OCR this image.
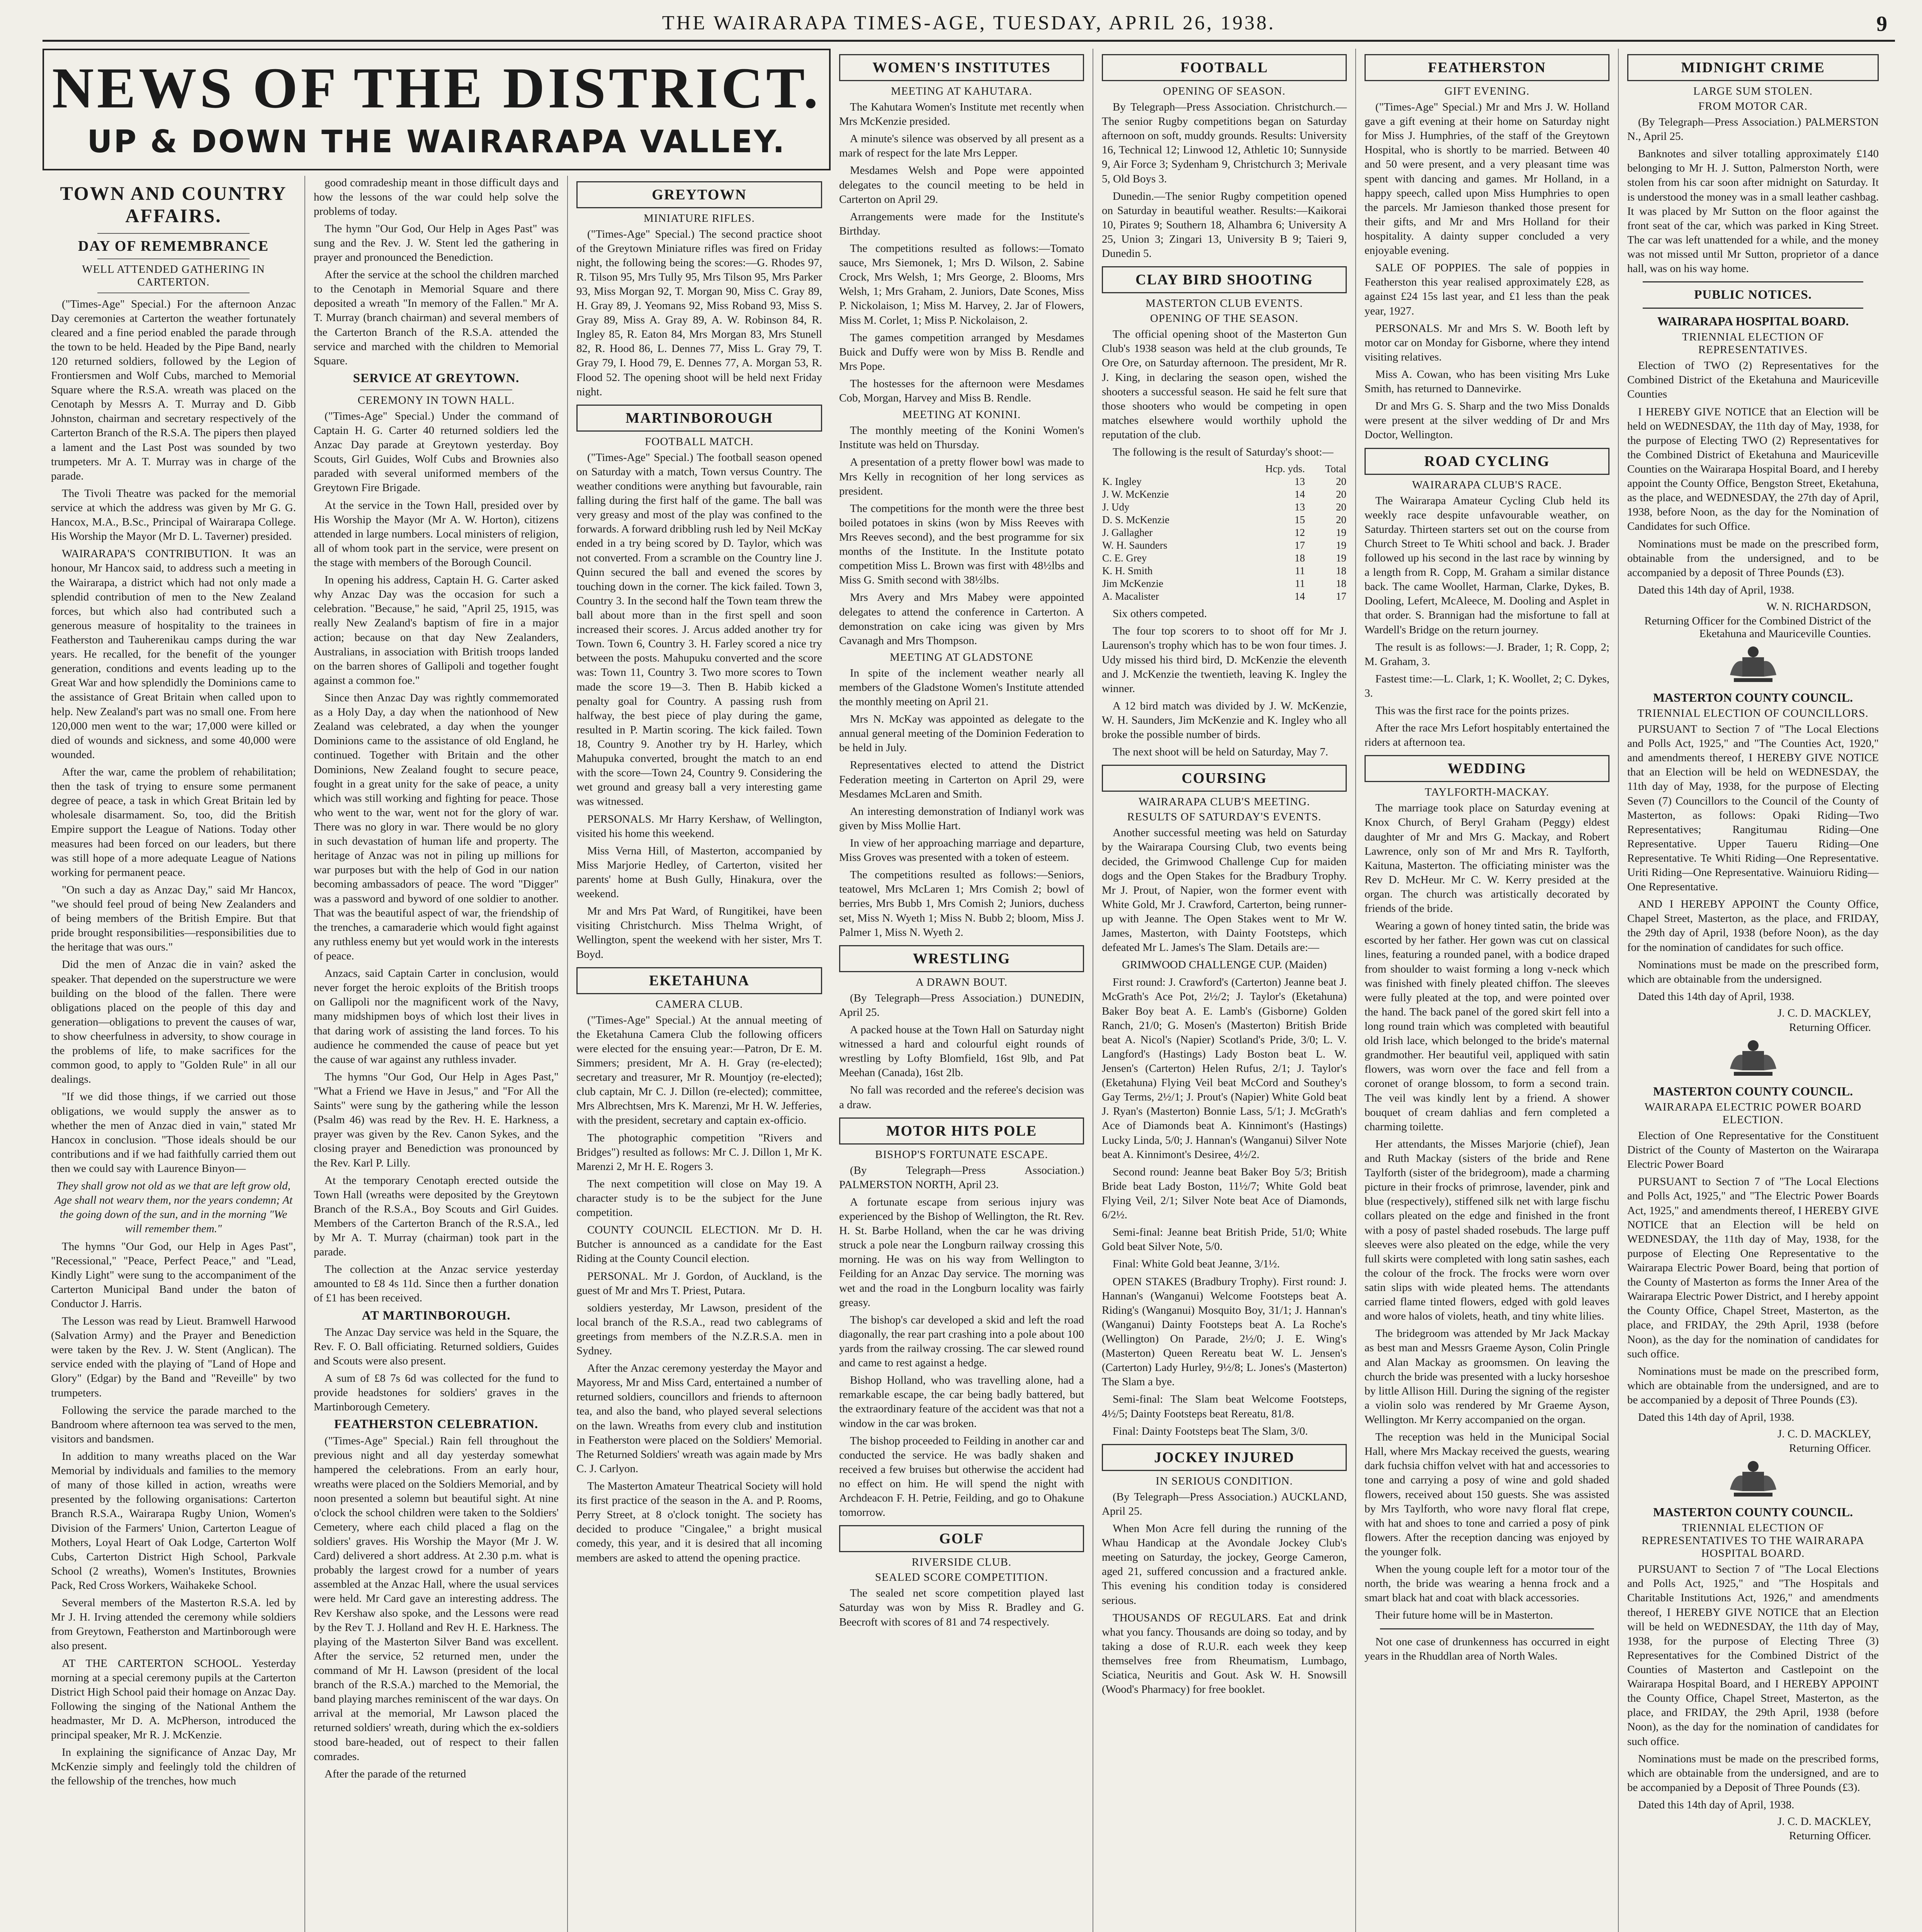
THE WAIRARAPA TIMES-AGE, TUESDAY, APRIL 26, 1938.	9
NEWS OF THE DISTRICT.
UP & DOWN THE WAIRARAPA VALLEY.
TOWN AND COUNTRY AFFAIRS.
DAY OF REMEMBRANCE
WELL ATTENDED GATHERING IN CARTERTON.

("Times-Age" Special.) For the afternoon Anzac Day ceremonies at Carterton the weather fortunately cleared and a fine period enabled the parade through the town to be held. Headed by the Pipe Band, nearly 120 returned soldiers, followed by the Legion of Frontiersmen and Wolf Cubs, marched to Memorial Square where the R.S.A. wreath was placed on the Cenotaph by Messrs A. T. Murray and D. Gibb Johnston, chairman and secretary respectively of the Carterton Branch of the R.S.A. The pipers then played a lament and the Last Post was sounded by two trumpeters. Mr A. T. Murray was in charge of the parade.

The Tivoli Theatre was packed for the memorial service at which the address was given by Mr G. G. Hancox, M.A., B.Sc., Principal of Wairarapa College. His Worship the Mayor (Mr D. L. Taverner) presided.

WAIRARAPA'S CONTRIBUTION. It was an honour, Mr Hancox said, to address such a meeting in the Wairarapa, a district which had not only made a splendid contribution of men to the New Zealand forces, but which also had contributed such a generous measure of hospitality to the trainees in Featherston and Tauherenikau camps during the war years. He recalled, for the benefit of the younger generation, conditions and events leading up to the Great War and how splendidly the Dominions came to the assistance of Great Britain when called upon to help. New Zealand's part was no small one. From here 120,000 men went to the war; 17,000 were killed or died of wounds and sickness, and some 40,000 were wounded.

After the war, came the problem of rehabilitation; then the task of trying to ensure some permanent degree of peace, a task in which Great Britain led by wholesale disarmament. So, too, did the British Empire support the League of Nations. Today other measures had been forced on our leaders, but there was still hope of a more adequate League of Nations working for permanent peace.

"On such a day as Anzac Day," said Mr Hancox, "we should feel proud of being New Zealanders and of being members of the British Empire. But that pride brought responsibilities—responsibilities due to the heritage that was ours."

Did the men of Anzac die in vain? asked the speaker. That depended on the superstructure we were building on the blood of the fallen. There were obligations placed on the people of this day and generation—obligations to prevent the causes of war, to show cheerfulness in adversity, to show courage in the problems of life, to make sacrifices for the common good, to apply to "Golden Rule" in all our dealings.

"If we did those things, if we carried out those obligations, we would supply the answer as to whether the men of Anzac died in vain," stated Mr Hancox in conclusion. "Those ideals should be our contributions and if we had faithfully carried them out then we could say with Laurence Binyon—

They shall grow not old as we that are left grow old, Age shall not wearv them, nor the years condemn; At the going down of the sun, and in the morning "We will remember them."

The hymns "Our God, our Help in Ages Past", "Recessional," "Peace, Perfect Peace," and "Lead, Kindly Light" were sung to the accompaniment of the Carterton Municipal Band under the baton of Conductor J. Harris.

The Lesson was read by Lieut. Bramwell Harwood (Salvation Army) and the Prayer and Benediction were taken by the Rev. J. W. Stent (Anglican). The service ended with the playing of "Land of Hope and Glory" (Edgar) by the Band and "Reveille" by two trumpeters.

Following the service the parade marched to the Bandroom where afternoon tea was served to the men, visitors and bandsmen.

In addition to many wreaths placed on the War Memorial by individuals and families to the memory of many of those killed in action, wreaths were presented by the following organisations: Carterton Branch R.S.A., Wairarapa Rugby Union, Women's Division of the Farmers' Union, Carterton League of Mothers, Loyal Heart of Oak Lodge, Carterton Wolf Cubs, Carterton District High School, Parkvale School (2 wreaths), Women's Institutes, Brownies Pack, Red Cross Workers, Waihakeke School.

Several members of the Masterton R.S.A. led by Mr J. H. Irving attended the ceremony while soldiers from Greytown, Featherston and Martinborough were also present.

AT THE CARTERTON SCHOOL. Yesterday morning at a special ceremony pupils at the Carterton District High School paid their homage on Anzac Day. Following the singing of the National Anthem the headmaster, Mr D. A. McPherson, introduced the principal speaker, Mr R. J. McKenzie.

In explaining the significance of Anzac Day, Mr McKenzie simply and feelingly told the children of the fellowship of the trenches, how much

good comradeship meant in those difficult days and how the lessons of the war could help solve the problems of today.

The hymn "Our God, Our Help in Ages Past" was sung and the Rev. J. W. Stent led the gathering in prayer and pronounced the Benediction.

After the service at the school the children marched to the Cenotaph in Memorial Square and there deposited a wreath "In memory of the Fallen." Mr A. T. Murray (branch chairman) and several members of the Carterton Branch of the R.S.A. attended the service and marched with the children to Memorial Square.

SERVICE AT GREYTOWN.
CEREMONY IN TOWN HALL.

("Times-Age" Special.) Under the command of Captain H. G. Carter 40 returned soldiers led the Anzac Day parade at Greytown yesterday. Boy Scouts, Girl Guides, Wolf Cubs and Brownies also paraded with several uniformed members of the Greytown Fire Brigade.

At the service in the Town Hall, presided over by His Worship the Mayor (Mr A. W. Horton), citizens attended in large numbers. Local ministers of religion, all of whom took part in the service, were present on the stage with members of the Borough Council.

In opening his address, Captain H. G. Carter asked why Anzac Day was the occasion for such a celebration. "Because," he said, "April 25, 1915, was really New Zealand's baptism of fire in a major action; because on that day New Zealanders, Australians, in association with British troops landed on the barren shores of Gallipoli and together fought against a common foe."

Since then Anzac Day was rightly commemorated as a Holy Day, a day when the nationhood of New Zealand was celebrated, a day when the younger Dominions came to the assistance of old England, he continued. Together with Britain and the other Dominions, New Zealand fought to secure peace, fought in a great unity for the sake of peace, a unity which was still working and fighting for peace. Those who went to the war, went not for the glory of war. There was no glory in war. There would be no glory in such devastation of human life and property. The heritage of Anzac was not in piling up millions for war purposes but with the help of God in our nation becoming ambassadors of peace. The word "Digger" was a password and byword of one soldier to another. That was the beautiful aspect of war, the friendship of the trenches, a camaraderie which would fight against any ruthless enemy but yet would work in the interests of peace.

Anzacs, said Captain Carter in conclusion, would never forget the heroic exploits of the British troops on Gallipoli nor the magnificent work of the Navy, many midshipmen boys of which lost their lives in that daring work of assisting the land forces. To his audience he commended the cause of peace but yet the cause of war against any ruthless invader.

The hymns "Our God, Our Help in Ages Past," "What a Friend we Have in Jesus," and "For All the Saints" were sung by the gathering while the lesson (Psalm 46) was read by the Rev. H. E. Harkness, a prayer was given by the Rev. Canon Sykes, and the closing prayer and Benediction was pronounced by the Rev. Karl P. Lilly.

At the temporary Cenotaph erected outside the Town Hall (wreaths were deposited by the Greytown Branch of the R.S.A., Boy Scouts and Girl Guides. Members of the Carterton Branch of the R.S.A., led by Mr A. T. Murray (chairman) took part in the parade.

The collection at the Anzac service yesterday amounted to £8 4s 11d. Since then a further donation of £1 has been received.

AT MARTINBOROUGH.

The Anzac Day service was held in the Square, the Rev. F. O. Ball officiating. Returned soldiers, Guides and Scouts were also present.

A sum of £8 7s 6d was collected for the fund to provide headstones for soldiers' graves in the Martinborough Cemetery.

FEATHERSTON CELEBRATION.

("Times-Age" Special.) Rain fell throughout the previous night and all day yesterday somewhat hampered the celebrations. From an early hour, wreaths were placed on the Soldiers Memorial, and by noon presented a solemn but beautiful sight. At nine o'clock the school children were taken to the Soldiers' Cemetery, where each child placed a flag on the soldiers' graves. His Worship the Mayor (Mr J. W. Card) delivered a short address. At 2.30 p.m. what is probably the largest crowd for a number of years assembled at the Anzac Hall, where the usual services were held. Mr Card gave an interesting address. The Rev Kershaw also spoke, and the Lessons were read by the Rev T. J. Holland and Rev H. E. Harkness. The playing of the Masterton Silver Band was excellent. After the service, 52 returned men, under the command of Mr H. Lawson (president of the local branch of the R.S.A.) marched to the Memorial, the band playing marches reminiscent of the war days. On arrival at the memorial, Mr Lawson placed the returned soldiers' wreath, during which the ex-soldiers stood bare-headed, out of respect to their fallen comrades.

After the parade of the returned

GREYTOWN
MINIATURE RIFLES.

("Times-Age" Special.) The second practice shoot of the Greytown Miniature rifles was fired on Friday night, the following being the scores:—G. Rhodes 97, R. Tilson 95, Mrs Tully 95, Mrs Tilson 95, Mrs Parker 93, Miss Morgan 92, T. Morgan 90, Miss C. Gray 89, H. Gray 89, J. Yeomans 92, Miss Roband 93, Miss S. Gray 89, Miss A. Gray 89, A. W. Robinson 84, R. Ingley 85, R. Eaton 84, Mrs Morgan 83, Mrs Stunell 82, R. Hood 86, L. Dennes 77, Miss L. Gray 79, T. Gray 79, I. Hood 79, E. Dennes 77, A. Morgan 53, R. Flood 52. The opening shoot will be held next Friday night.

MARTINBOROUGH
FOOTBALL MATCH.

("Times-Age" Special.) The football season opened on Saturday with a match, Town versus Country. The weather conditions were anything but favourable, rain falling during the first half of the game. The ball was very greasy and most of the play was confined to the forwards. A forward dribbling rush led by Neil McKay ended in a try being scored by D. Taylor, which was not converted. From a scramble on the Country line J. Quinn secured the ball and evened the scores by touching down in the corner. The kick failed. Town 3, Country 3. In the second half the Town team threw the ball about more than in the first spell and soon increased their scores. J. Arcus added another try for Town. Town 6, Country 3. H. Farley scored a nice try between the posts. Mahupuku converted and the score was: Town 11, Country 3. Two more scores to Town made the score 19—3. Then B. Habib kicked a penalty goal for Country. A passing rush from halfway, the best piece of play during the game, resulted in P. Martin scoring. The kick failed. Town 18, Country 9. Another try by H. Harley, which Mahupuka converted, brought the match to an end with the score—Town 24, Country 9. Considering the wet ground and greasy ball a very interesting game was witnessed.

PERSONALS. Mr Harry Kershaw, of Wellington, visited his home this weekend.

Miss Verna Hill, of Masterton, accompanied by Miss Marjorie Hedley, of Carterton, visited her parents' home at Bush Gully, Hinakura, over the weekend.

Mr and Mrs Pat Ward, of Rungitikei, have been visiting Christchurch. Miss Thelma Wright, of Wellington, spent the weekend with her sister, Mrs T. Boyd.

EKETAHUNA
CAMERA CLUB.

("Times-Age" Special.) At the annual meeting of the Eketahuna Camera Club the following officers were elected for the ensuing year:—Patron, Dr E. M. Simmers; president, Mr A. H. Gray (re-elected); secretary and treasurer, Mr R. Mountjoy (re-elected); club captain, Mr C. J. Dillon (re-elected); committee, Mrs Albrechtsen, Mrs K. Marenzi, Mr H. W. Jefferies, with the president, secretary and captain ex-officio.

The photographic competition "Rivers and Bridges") resulted as follows: Mr C. J. Dillon 1, Mr K. Marenzi 2, Mr H. E. Rogers 3.

The next competition will close on May 19. A character study is to be the subject for the June competition.

COUNTY COUNCIL ELECTION. Mr D. H. Butcher is announced as a candidate for the East Riding at the County Council election.

PERSONAL. Mr J. Gordon, of Auckland, is the guest of Mr and Mrs T. Priest, Putara.

soldiers yesterday, Mr Lawson, president of the local branch of the R.S.A., read two cablegrams of greetings from members of the N.Z.R.S.A. men in Sydney.

After the Anzac ceremony yesterday the Mayor and Mayoress, Mr and Miss Card, entertained a number of returned soldiers, councillors and friends to afternoon tea, and also the band, who played several selections on the lawn. Wreaths from every club and institution in Featherston were placed on the Soldiers' Memorial. The Returned Soldiers' wreath was again made by Mrs C. J. Carlyon.

The Masterton Amateur Theatrical Society will hold its first practice of the season in the A. and P. Rooms, Perry Street, at 8 o'clock tonight. The society has decided to produce "Cingalee," a bright musical comedy, this year, and it is desired that all incoming members are asked to attend the opening practice.

WOMEN'S INSTITUTES
MEETING AT KAHUTARA.

The Kahutara Women's Institute met recently when Mrs McKenzie presided.

A minute's silence was observed by all present as a mark of respect for the late Mrs Lepper.

Mesdames Welsh and Pope were appointed delegates to the council meeting to be held in Carterton on April 29.

Arrangements were made for the Institute's Birthday.

The competitions resulted as follows:—Tomato sauce, Mrs Siemonek, 1; Mrs D. Wilson, 2. Sabine Crock, Mrs Welsh, 1; Mrs George, 2. Blooms, Mrs Welsh, 1; Mrs Graham, 2. Juniors, Date Scones, Miss P. Nickolaison, 1; Miss M. Harvey, 2. Jar of Flowers, Miss M. Corlet, 1; Miss P. Nickolaison, 2.

The games competition arranged by Mesdames Buick and Duffy were won by Miss B. Rendle and Mrs Pope.

The hostesses for the afternoon were Mesdames Cob, Morgan, Harvey and Miss B. Rendle.

MEETING AT KONINI.

The monthly meeting of the Konini Women's Institute was held on Thursday.

A presentation of a pretty flower bowl was made to Mrs Kelly in recognition of her long services as president.

The competitions for the month were the three best boiled potatoes in skins (won by Miss Reeves with Mrs Reeves second), and the best programme for six months of the Institute. In the Institute potato competition Miss L. Brown was first with 48½lbs and Miss G. Smith second with 38½lbs.

Mrs Avery and Mrs Mabey were appointed delegates to attend the conference in Carterton. A demonstration on cake icing was given by Mrs Cavanagh and Mrs Thompson.

MEETING AT GLADSTONE

In spite of the inclement weather nearly all members of the Gladstone Women's Institute attended the monthly meeting on April 21.

Mrs N. McKay was appointed as delegate to the annual general meeting of the Dominion Federation to be held in July.

Representatives elected to attend the District Federation meeting in Carterton on April 29, were Mesdames McLaren and Smith.

An interesting demonstration of Indianyl work was given by Miss Mollie Hart.

In view of her approaching marriage and departure, Miss Groves was presented with a token of esteem.

The competitions resulted as follows:—Seniors, teatowel, Mrs McLaren 1; Mrs Comish 2; bowl of berries, Mrs Bubb 1, Mrs Comish 2; Juniors, duchess set, Miss N. Wyeth 1; Miss N. Bubb 2; bloom, Miss J. Palmer 1, Miss N. Wyeth 2.

WRESTLING
A DRAWN BOUT.

(By Telegraph—Press Association.) DUNEDIN, April 25.

A packed house at the Town Hall on Saturday night witnessed a hard and colourful eight rounds of wrestling by Lofty Blomfield, 16st 9lb, and Pat Meehan (Canada), 16st 2lb.

No fall was recorded and the referee's decision was a draw.

MOTOR HITS POLE
BISHOP'S FORTUNATE ESCAPE.

(By Telegraph—Press Association.) PALMERSTON NORTH, April 23.

A fortunate escape from serious injury was experienced by the Bishop of Wellington, the Rt. Rev. H. St. Barbe Holland, when the car he was driving struck a pole near the Longburn railway crossing this morning. He was on his way from Wellington to Feilding for an Anzac Day service. The morning was wet and the road in the Longburn locality was fairly greasy.

The bishop's car developed a skid and left the road diagonally, the rear part crashing into a pole about 100 yards from the railway crossing. The car slewed round and came to rest against a hedge.

Bishop Holland, who was travelling alone, had a remarkable escape, the car being badly battered, but the extraordinary feature of the accident was that not a window in the car was broken.

The bishop proceeded to Feilding in another car and conducted the service. He was badly shaken and received a few bruises but otherwise the accident had no effect on him. He will spend the night with Archdeacon F. H. Petrie, Feilding, and go to Ohakune tomorrow.

GOLF
RIVERSIDE CLUB.
SEALED SCORE COMPETITION.

The sealed net score competition played last Saturday was won by Miss R. Bradley and G. Beecroft with scores of 81 and 74 respectively.

FOOTBALL
OPENING OF SEASON.

By Telegraph—Press Association. Christchurch.—The senior Rugby competitions began on Saturday afternoon on soft, muddy grounds. Results: University 16, Technical 12; Linwood 12, Athletic 10; Sunnyside 9, Air Force 3; Sydenham 9, Christchurch 3; Merivale 5, Old Boys 3.

Dunedin.—The senior Rugby competition opened on Saturday in beautiful weather. Results:—Kaikorai 10, Pirates 9; Southern 18, Alhambra 6; University A 25, Union 3; Zingari 13, University B 9; Taieri 9, Dunedin 5.

CLAY BIRD SHOOTING
MASTERTON CLUB EVENTS.
OPENING OF THE SEASON.

The official opening shoot of the Masterton Gun Club's 1938 season was held at the club grounds, Te Ore Ore, on Saturday afternoon. The president, Mr R. J. King, in declaring the season open, wished the shooters a successful season. He said he felt sure that those shooters who would be competing in open matches elsewhere would worthily uphold the reputation of the club.

The following is the result of Saturday's shoot:—

	Hcp. yds.	Total
K. Ingley	13	20
J. W. McKenzie	14	20
J. Udy	13	20
D. S. McKenzie	15	20
J. Gallagher	12	19
W. H. Saunders	17	19
C. E. Grey	18	19
K. H. Smith	11	18
Jim McKenzie	11	18
A. Macalister	14	17

Six others competed.

The four top scorers to to shoot off for Mr J. Laurenson's trophy which has to be won four times. J. Udy missed his third bird, D. McKenzie the eleventh and J. McKenzie the twentieth, leaving K. Ingley the winner.

A 12 bird match was divided by J. W. McKenzie, W. H. Saunders, Jim McKenzie and K. Ingley who all broke the possible number of birds.

The next shoot will be held on Saturday, May 7.

COURSING
WAIRARAPA CLUB'S MEETING.
RESULTS OF SATURDAY'S EVENTS.

Another successful meeting was held on Saturday by the Wairarapa Coursing Club, two events being decided, the Grimwood Challenge Cup for maiden dogs and the Open Stakes for the Bradbury Trophy. Mr J. Prout, of Napier, won the former event with White Gold, Mr J. Crawford, Carterton, being runner-up with Jeanne. The Open Stakes went to Mr W. James, Masterton, with Dainty Footsteps, which defeated Mr L. James's The Slam. Details are:—

GRIMWOOD CHALLENGE CUP. (Maiden)

First round: J. Crawford's (Carterton) Jeanne beat J. McGrath's Ace Pot, 2½/2; J. Taylor's (Eketahuna) Baker Boy beat A. E. Lamb's (Gisborne) Golden Ranch, 21/0; G. Mosen's (Masterton) British Bride beat A. Nicol's (Napier) Scotland's Pride, 3/0; L. V. Langford's (Hastings) Lady Boston beat L. W. Jensen's (Carterton) Helen Rufus, 2/1; J. Taylor's (Eketahuna) Flying Veil beat McCord and Southey's Gay Terms, 2½/1; J. Prout's (Napier) White Gold beat J. Ryan's (Masterton) Bonnie Lass, 5/1; J. McGrath's Ace of Diamonds beat A. Kinnimont's (Hastings) Lucky Linda, 5/0; J. Hannan's (Wanganui) Silver Note beat A. Kinnimont's Desiree, 4½/2.

Second round: Jeanne beat Baker Boy 5/3; British Bride beat Lady Boston, 11½/7; White Gold beat Flying Veil, 2/1; Silver Note beat Ace of Diamonds, 6/2½.

Semi-final: Jeanne beat British Pride, 51/0; White Gold beat Silver Note, 5/0.

Final: White Gold beat Jeanne, 3/1½.

OPEN STAKES (Bradbury Trophy). First round: J. Hannan's (Wanganui) Welcome Footsteps beat A. Riding's (Wanganui) Mosquito Boy, 31/1; J. Hannan's (Wanganui) Dainty Footsteps beat A. La Roche's (Wellington) On Parade, 2½/0; J. E. Wing's (Masterton) Queen Rereatu beat W. L. Jensen's (Carterton) Lady Hurley, 9½/8; L. Jones's (Masterton) The Slam a bye.

Semi-final: The Slam beat Welcome Footsteps, 4½/5; Dainty Footsteps beat Rereatu, 81/8.

Final: Dainty Footsteps beat The Slam, 3/0.

JOCKEY INJURED
IN SERIOUS CONDITION.

(By Telegraph—Press Association.) AUCKLAND, April 25.

When Mon Acre fell during the running of the Whau Handicap at the Avondale Jockey Club's meeting on Saturday, the jockey, George Cameron, aged 21, suffered concussion and a fractured ankle. This evening his condition today is considered serious.

THOUSANDS OF REGULARS. Eat and drink what you fancy. Thousands are doing so today, and by taking a dose of R.U.R. each week they keep themselves free from Rheumatism, Lumbago, Sciatica, Neuritis and Gout. Ask W. H. Snowsill (Wood's Pharmacy) for free booklet.

FEATHERSTON
GIFT EVENING.

("Times-Age" Special.) Mr and Mrs J. W. Holland gave a gift evening at their home on Saturday night for Miss J. Humphries, of the staff of the Greytown Hospital, who is shortly to be married. Between 40 and 50 were present, and a very pleasant time was spent with dancing and games. Mr Holland, in a happy speech, called upon Miss Humphries to open the parcels. Mr Jamieson thanked those present for their gifts, and Mr and Mrs Holland for their hospitality. A dainty supper concluded a very enjoyable evening.

SALE OF POPPIES. The sale of poppies in Featherston this year realised approximately £28, as against £24 15s last year, and £1 less than the peak year, 1927.

PERSONALS. Mr and Mrs S. W. Booth left by motor car on Monday for Gisborne, where they intend visiting relatives.

Miss A. Cowan, who has been visiting Mrs Luke Smith, has returned to Dannevirke.

Dr and Mrs G. S. Sharp and the two Miss Donalds were present at the silver wedding of Dr and Mrs Doctor, Wellington.

ROAD CYCLING
WAIRARAPA CLUB'S RACE.

The Wairarapa Amateur Cycling Club held its weekly race despite unfavourable weather, on Saturday. Thirteen starters set out on the course from Church Street to Te Whiti school and back. J. Brader followed up his second in the last race by winning by a length from R. Copp, M. Graham a similar distance back. The came Woollet, Harman, Clarke, Dykes, B. Dooling, Lefert, McAleece, M. Dooling and Asplet in that order. S. Brannigan had the misfortune to fall at Wardell's Bridge on the return journey.

The result is as follows:—J. Brader, 1; R. Copp, 2; M. Graham, 3.

Fastest time:—L. Clark, 1; K. Woollet, 2; C. Dykes, 3.

This was the first race for the points prizes.

After the race Mrs Lefort hospitably entertained the riders at afternoon tea.

WEDDING
TAYLFORTH-MACKAY.

The marriage took place on Saturday evening at Knox Church, of Beryl Graham (Peggy) eldest daughter of Mr and Mrs G. Mackay, and Robert Lawrence, only son of Mr and Mrs R. Taylforth, Kaituna, Masterton. The officiating minister was the Rev D. McHeur. Mr C. W. Kerry presided at the organ. The church was artistically decorated by friends of the bride.

Wearing a gown of honey tinted satin, the bride was escorted by her father. Her gown was cut on classical lines, featuring a rounded panel, with a bodice draped from shoulder to waist forming a long v-neck which was finished with finely pleated chiffon. The sleeves were fully pleated at the top, and were pointed over the hand. The back panel of the gored skirt fell into a long round train which was completed with beautiful old Irish lace, which belonged to the bride's maternal grandmother. Her beautiful veil, appliqued with satin flowers, was worn over the face and fell from a coronet of orange blossom, to form a second train. The veil was kindly lent by a friend. A shower bouquet of cream dahlias and fern completed a charming toilette.

Her attendants, the Misses Marjorie (chief), Jean and Ruth Mackay (sisters of the bride and Rene Taylforth (sister of the bridegroom), made a charming picture in their frocks of primrose, lavender, pink and blue (respectively), stiffened silk net with large fischu collars pleated on the edge and finished in the front with a posy of pastel shaded rosebuds. The large puff sleeves were also pleated on the edge, while the very full skirts were completed with long satin sashes, each the colour of the frock. The frocks were worn over satin slips with wide pleated hems. The attendants carried flame tinted flowers, edged with gold leaves and wore halos of violets, heath, and tiny white lilies.

The bridegroom was attended by Mr Jack Mackay as best man and Messrs Graeme Ayson, Colin Pringle and Alan Mackay as groomsmen. On leaving the church the bride was presented with a lucky horseshoe by little Allison Hill. During the signing of the register a violin solo was rendered by Mr Graeme Ayson, Wellington. Mr Kerry accompanied on the organ.

The reception was held in the Municipal Social Hall, where Mrs Mackay received the guests, wearing dark fuchsia chiffon velvet with hat and accessories to tone and carrying a posy of wine and gold shaded flowers, received about 150 guests. She was assisted by Mrs Taylforth, who wore navy floral flat crepe, with hat and shoes to tone and carried a posy of pink flowers. After the reception dancing was enjoyed by the younger folk.

When the young couple left for a motor tour of the north, the bride was wearing a henna frock and a smart black hat and coat with black accessories.

Their future home will be in Masterton.

Not one case of drunkenness has occurred in eight years in the Rhuddlan area of North Wales.

MIDNIGHT CRIME
LARGE SUM STOLEN.
FROM MOTOR CAR.

(By Telegraph—Press Association.) PALMERSTON N., April 25.

Banknotes and silver totalling approximately £140 belonging to Mr H. J. Sutton, Palmerston North, were stolen from his car soon after midnight on Saturday. It is understood the money was in a small leather cashbag. It was placed by Mr Sutton on the floor against the front seat of the car, which was parked in King Street. The car was left unattended for a while, and the money was not missed until Mr Sutton, proprietor of a dance hall, was on his way home.

PUBLIC NOTICES.
WAIRARAPA HOSPITAL BOARD.
TRIENNIAL ELECTION OF REPRESENTATIVES.

Election of TWO (2) Representatives for the Combined District of the Eketahuna and Mauriceville Counties

I HEREBY GIVE NOTICE that an Election will be held on WEDNESDAY, the 11th day of May, 1938, for the purpose of Electing TWO (2) Representatives for the Combined District of Eketahuna and Mauriceville Counties on the Wairarapa Hospital Board, and I hereby appoint the County Office, Bengston Street, Eketahuna, as the place, and WEDNESDAY, the 27th day of April, 1938, before Noon, as the day for the Nomination of Candidates for such Office.

Nominations must be made on the prescribed form, obtainable from the undersigned, and to be accompanied by a deposit of Three Pounds (£3).

Dated this 14th day of April, 1938.

W. N. RICHARDSON,
Returning Officer for the Combined District of the Eketahuna and Mauriceville Counties.
MASTERTON COUNTY COUNCIL.
TRIENNIAL ELECTION OF COUNCILLORS.

PURSUANT to Section 7 of "The Local Elections and Polls Act, 1925," and "The Counties Act, 1920," and amendments thereof, I HEREBY GIVE NOTICE that an Election will be held on WEDNESDAY, the 11th day of May, 1938, for the purpose of Electing Seven (7) Councillors to the Council of the County of Masterton, as follows: Opaki Riding—Two Representatives; Rangitumau Riding—One Representative. Upper Taueru Riding—One Representative. Te Whiti Riding—One Representative. Uriti Riding—One Representative. Wainuioru Riding—One Representative.

AND I HEREBY APPOINT the County Office, Chapel Street, Masterton, as the place, and FRIDAY, the 29th day of April, 1938 (before Noon), as the day for the nomination of candidates for such office.

Nominations must be made on the prescribed form, which are obtainable from the undersigned.

Dated this 14th day of April, 1938.

J. C. D. MACKLEY,
Returning Officer.
MASTERTON COUNTY COUNCIL.
WAIRARAPA ELECTRIC POWER BOARD ELECTION.

Election of One Representative for the Constituent District of the County of Masterton on the Wairarapa Electric Power Board

PURSUANT to Section 7 of "The Local Elections and Polls Act, 1925," and "The Electric Power Boards Act, 1925," and amendments thereof, I HEREBY GIVE NOTICE that an Election will be held on WEDNESDAY, the 11th day of May, 1938, for the purpose of Electing One Representative to the Wairarapa Electric Power Board, being that portion of the County of Masterton as forms the Inner Area of the Wairarapa Electric Power District, and I hereby appoint the County Office, Chapel Street, Masterton, as the place, and FRIDAY, the 29th April, 1938 (before Noon), as the day for the nomination of candidates for such office.

Nominations must be made on the prescribed form, which are obtainable from the undersigned, and are to be accompanied by a deposit of Three Pounds (£3).

Dated this 14th day of April, 1938.

J. C. D. MACKLEY,
Returning Officer.
MASTERTON COUNTY COUNCIL.
TRIENNIAL ELECTION OF REPRESENTATIVES TO THE WAIRARAPA HOSPITAL BOARD.

PURSUANT to Section 7 of "The Local Elections and Polls Act, 1925," and "The Hospitals and Charitable Institutions Act, 1926," and amendments thereof, I HEREBY GIVE NOTICE that an Election will be held on WEDNESDAY, the 11th day of May, 1938, for the purpose of Electing Three (3) Representatives for the Combined District of the Counties of Masterton and Castlepoint on the Wairarapa Hospital Board, and I HEREBY APPOINT the County Office, Chapel Street, Masterton, as the place, and FRIDAY, the 29th April, 1938 (before Noon), as the day for the nomination of candidates for such office.

Nominations must be made on the prescribed forms, which are obtainable from the undersigned, and are to be accompanied by a Deposit of Three Pounds (£3).

Dated this 14th day of April, 1938.

J. C. D. MACKLEY,
Returning Officer.
